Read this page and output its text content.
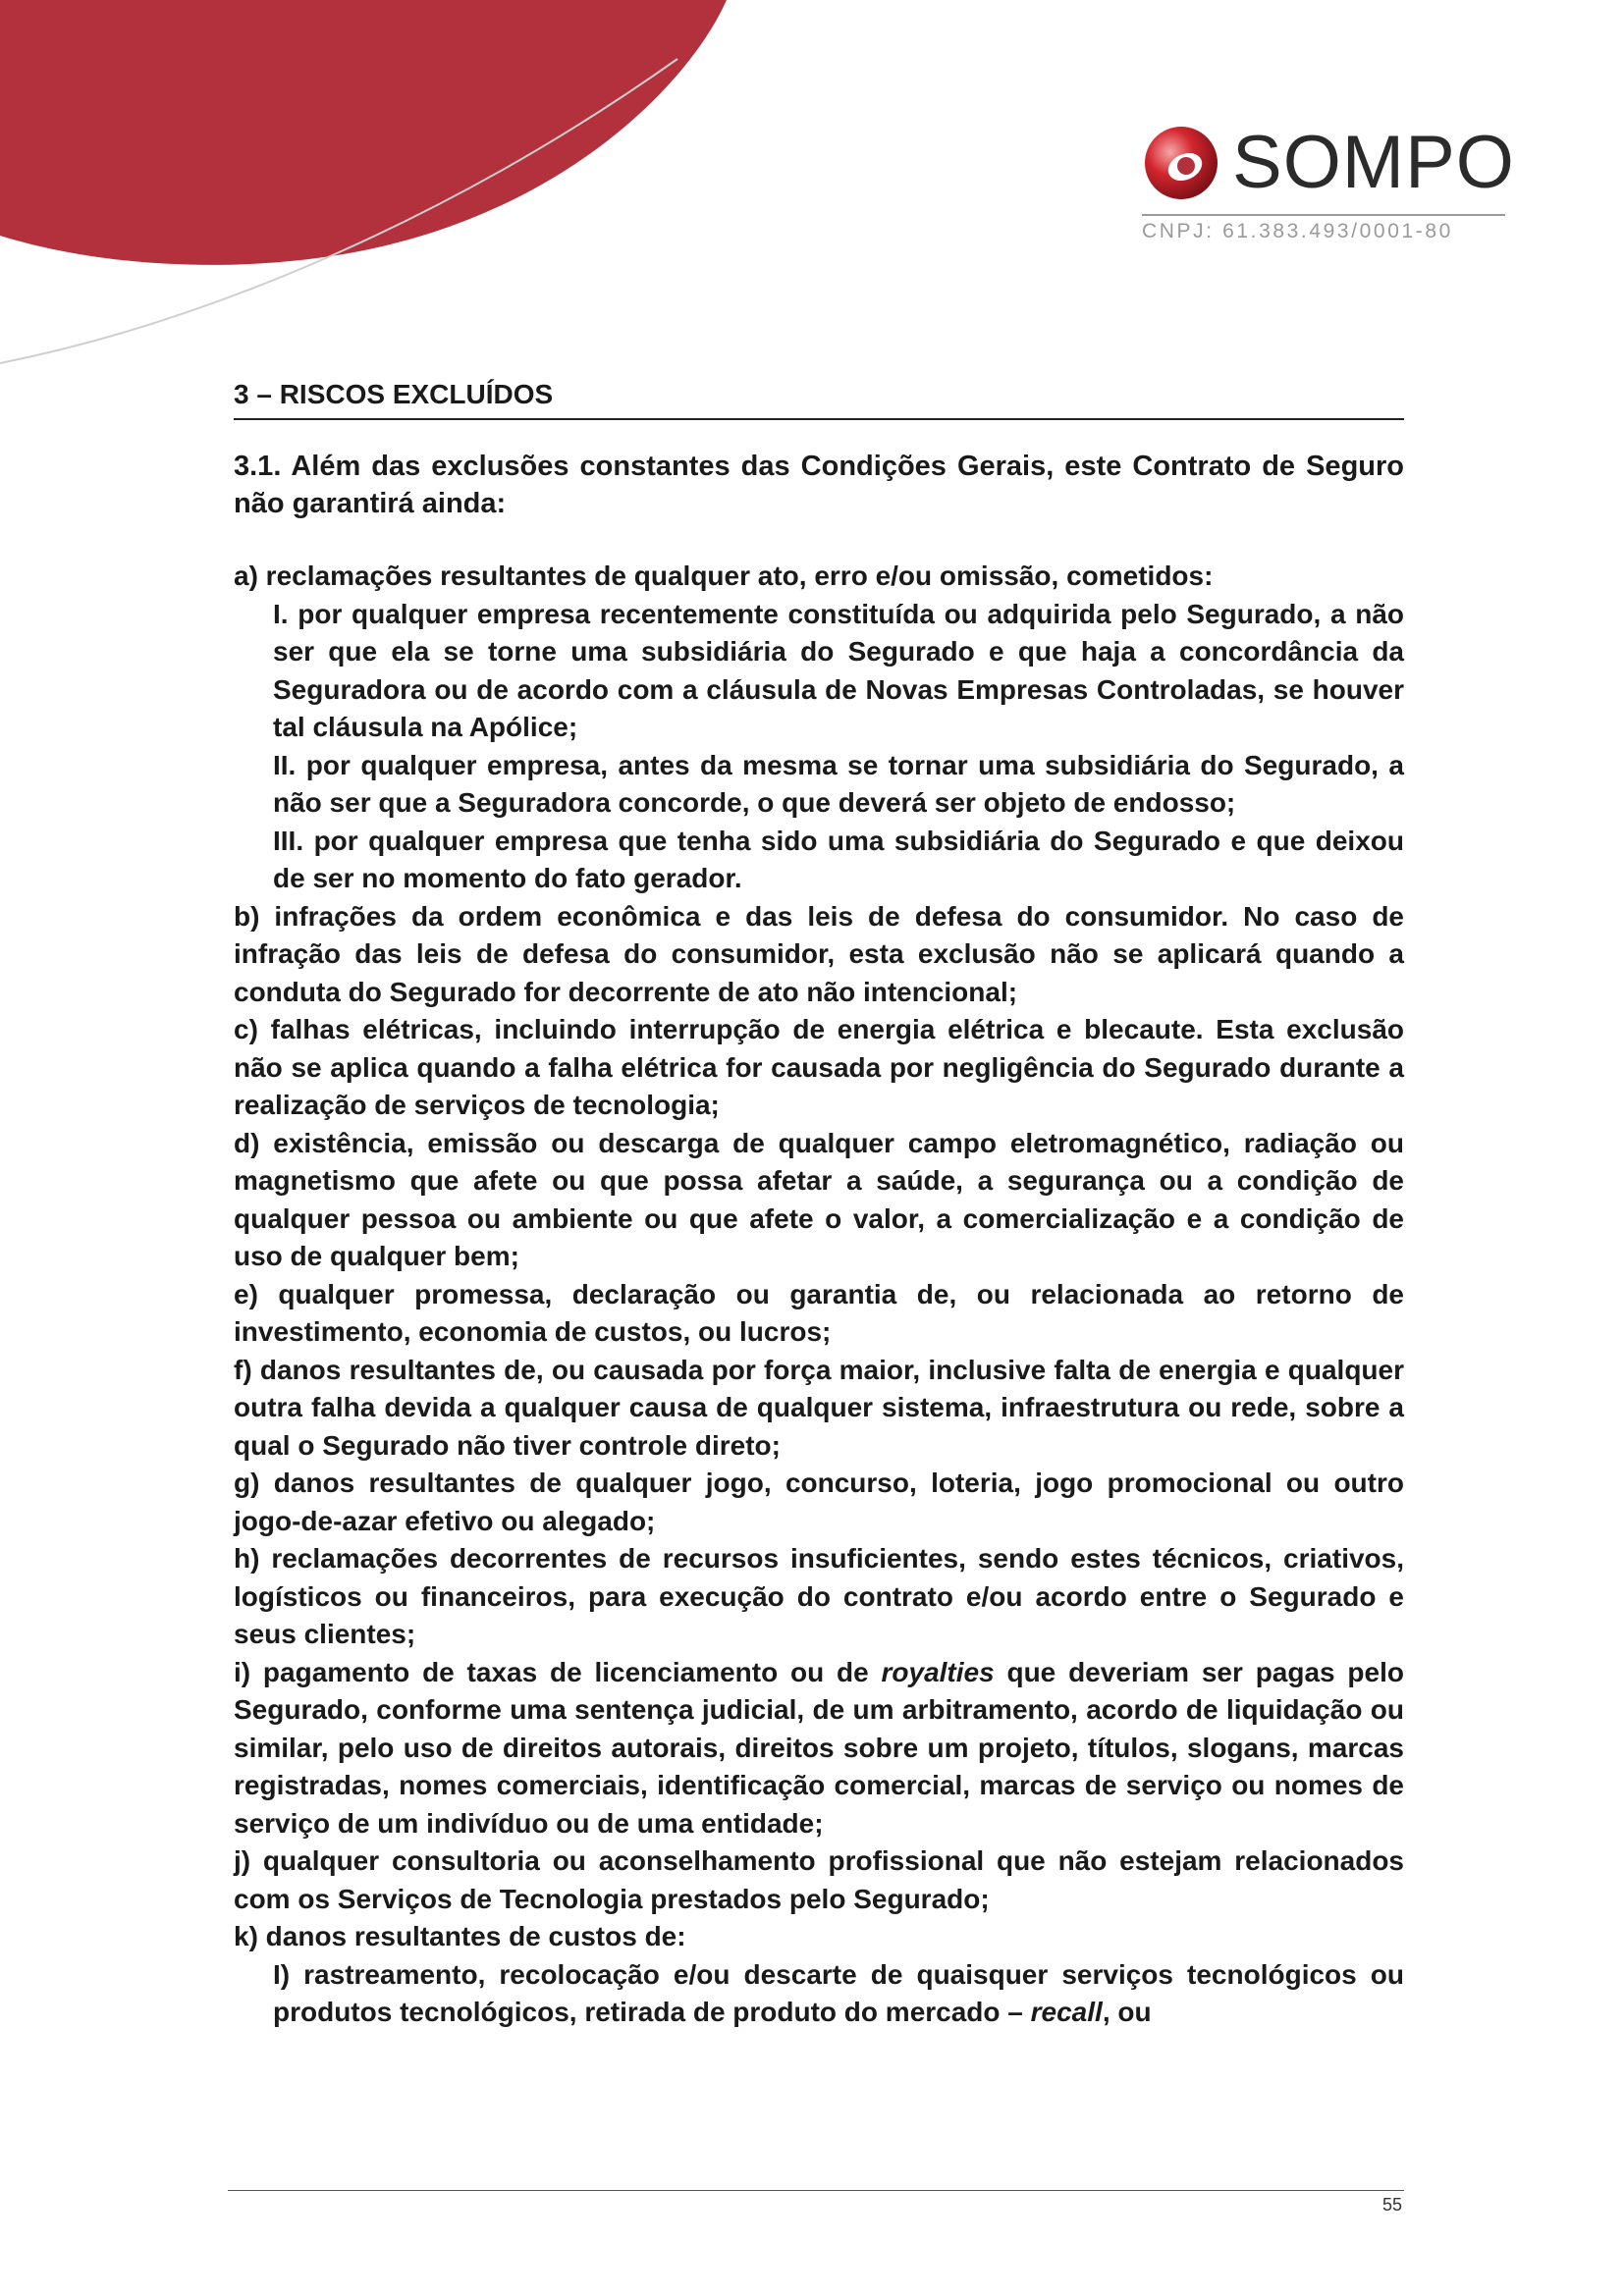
SOMPO
CNPJ: 61.383.493/0001-80
3 – RISCOS EXCLUÍDOS

3.1. Além das exclusões constantes das Condições Gerais, este Contrato de Seguro não garantirá ainda:

a) reclamações resultantes de qualquer ato, erro e/ou omissão, cometidos:

I. por qualquer empresa recentemente constituída ou adquirida pelo Segurado, a não ser que ela se torne uma subsidiária do Segurado e que haja a concordância da Seguradora ou de acordo com a cláusula de Novas Empresas Controladas, se houver tal cláusula na Apólice;

II. por qualquer empresa, antes da mesma se tornar uma subsidiária do Segurado, a não ser que a Seguradora concorde, o que deverá ser objeto de endosso;

III. por qualquer empresa que tenha sido uma subsidiária do Segurado e que deixou de ser no momento do fato gerador.

b) infrações da ordem econômica e das leis de defesa do consumidor. No caso de infração das leis de defesa do consumidor, esta exclusão não se aplicará quando a conduta do Segurado for decorrente de ato não intencional;

c) falhas elétricas, incluindo interrupção de energia elétrica e blecaute. Esta exclusão não se aplica quando a falha elétrica for causada por negligência do Segurado durante a realização de serviços de tecnologia;

d) existência, emissão ou descarga de qualquer campo eletromagnético, radiação ou magnetismo que afete ou que possa afetar a saúde, a segurança ou a condição de qualquer pessoa ou ambiente ou que afete o valor, a comercialização e a condição de uso de qualquer bem;

e) qualquer promessa, declaração ou garantia de, ou relacionada ao retorno de investimento, economia de custos, ou lucros;

f) danos resultantes de, ou causada por força maior, inclusive falta de energia e qualquer outra falha devida a qualquer causa de qualquer sistema, infraestrutura ou rede, sobre a qual o Segurado não tiver controle direto;

g) danos resultantes de qualquer jogo, concurso, loteria, jogo promocional ou outro jogo-de-azar efetivo ou alegado;

h) reclamações decorrentes de recursos insuficientes, sendo estes técnicos, criativos, logísticos ou financeiros, para execução do contrato e/ou acordo entre o Segurado e seus clientes;

i) pagamento de taxas de licenciamento ou de royalties que deveriam ser pagas pelo Segurado, conforme uma sentença judicial, de um arbitramento, acordo de liquidação ou similar, pelo uso de direitos autorais, direitos sobre um projeto, títulos, slogans, marcas registradas, nomes comerciais, identificação comercial, marcas de serviço ou nomes de serviço de um indivíduo ou de uma entidade;

j) qualquer consultoria ou aconselhamento profissional que não estejam relacionados com os Serviços de Tecnologia prestados pelo Segurado;

k) danos resultantes de custos de:

I) rastreamento, recolocação e/ou descarte de quaisquer serviços tecnológicos ou produtos tecnológicos, retirada de produto do mercado – recall, ou

55
